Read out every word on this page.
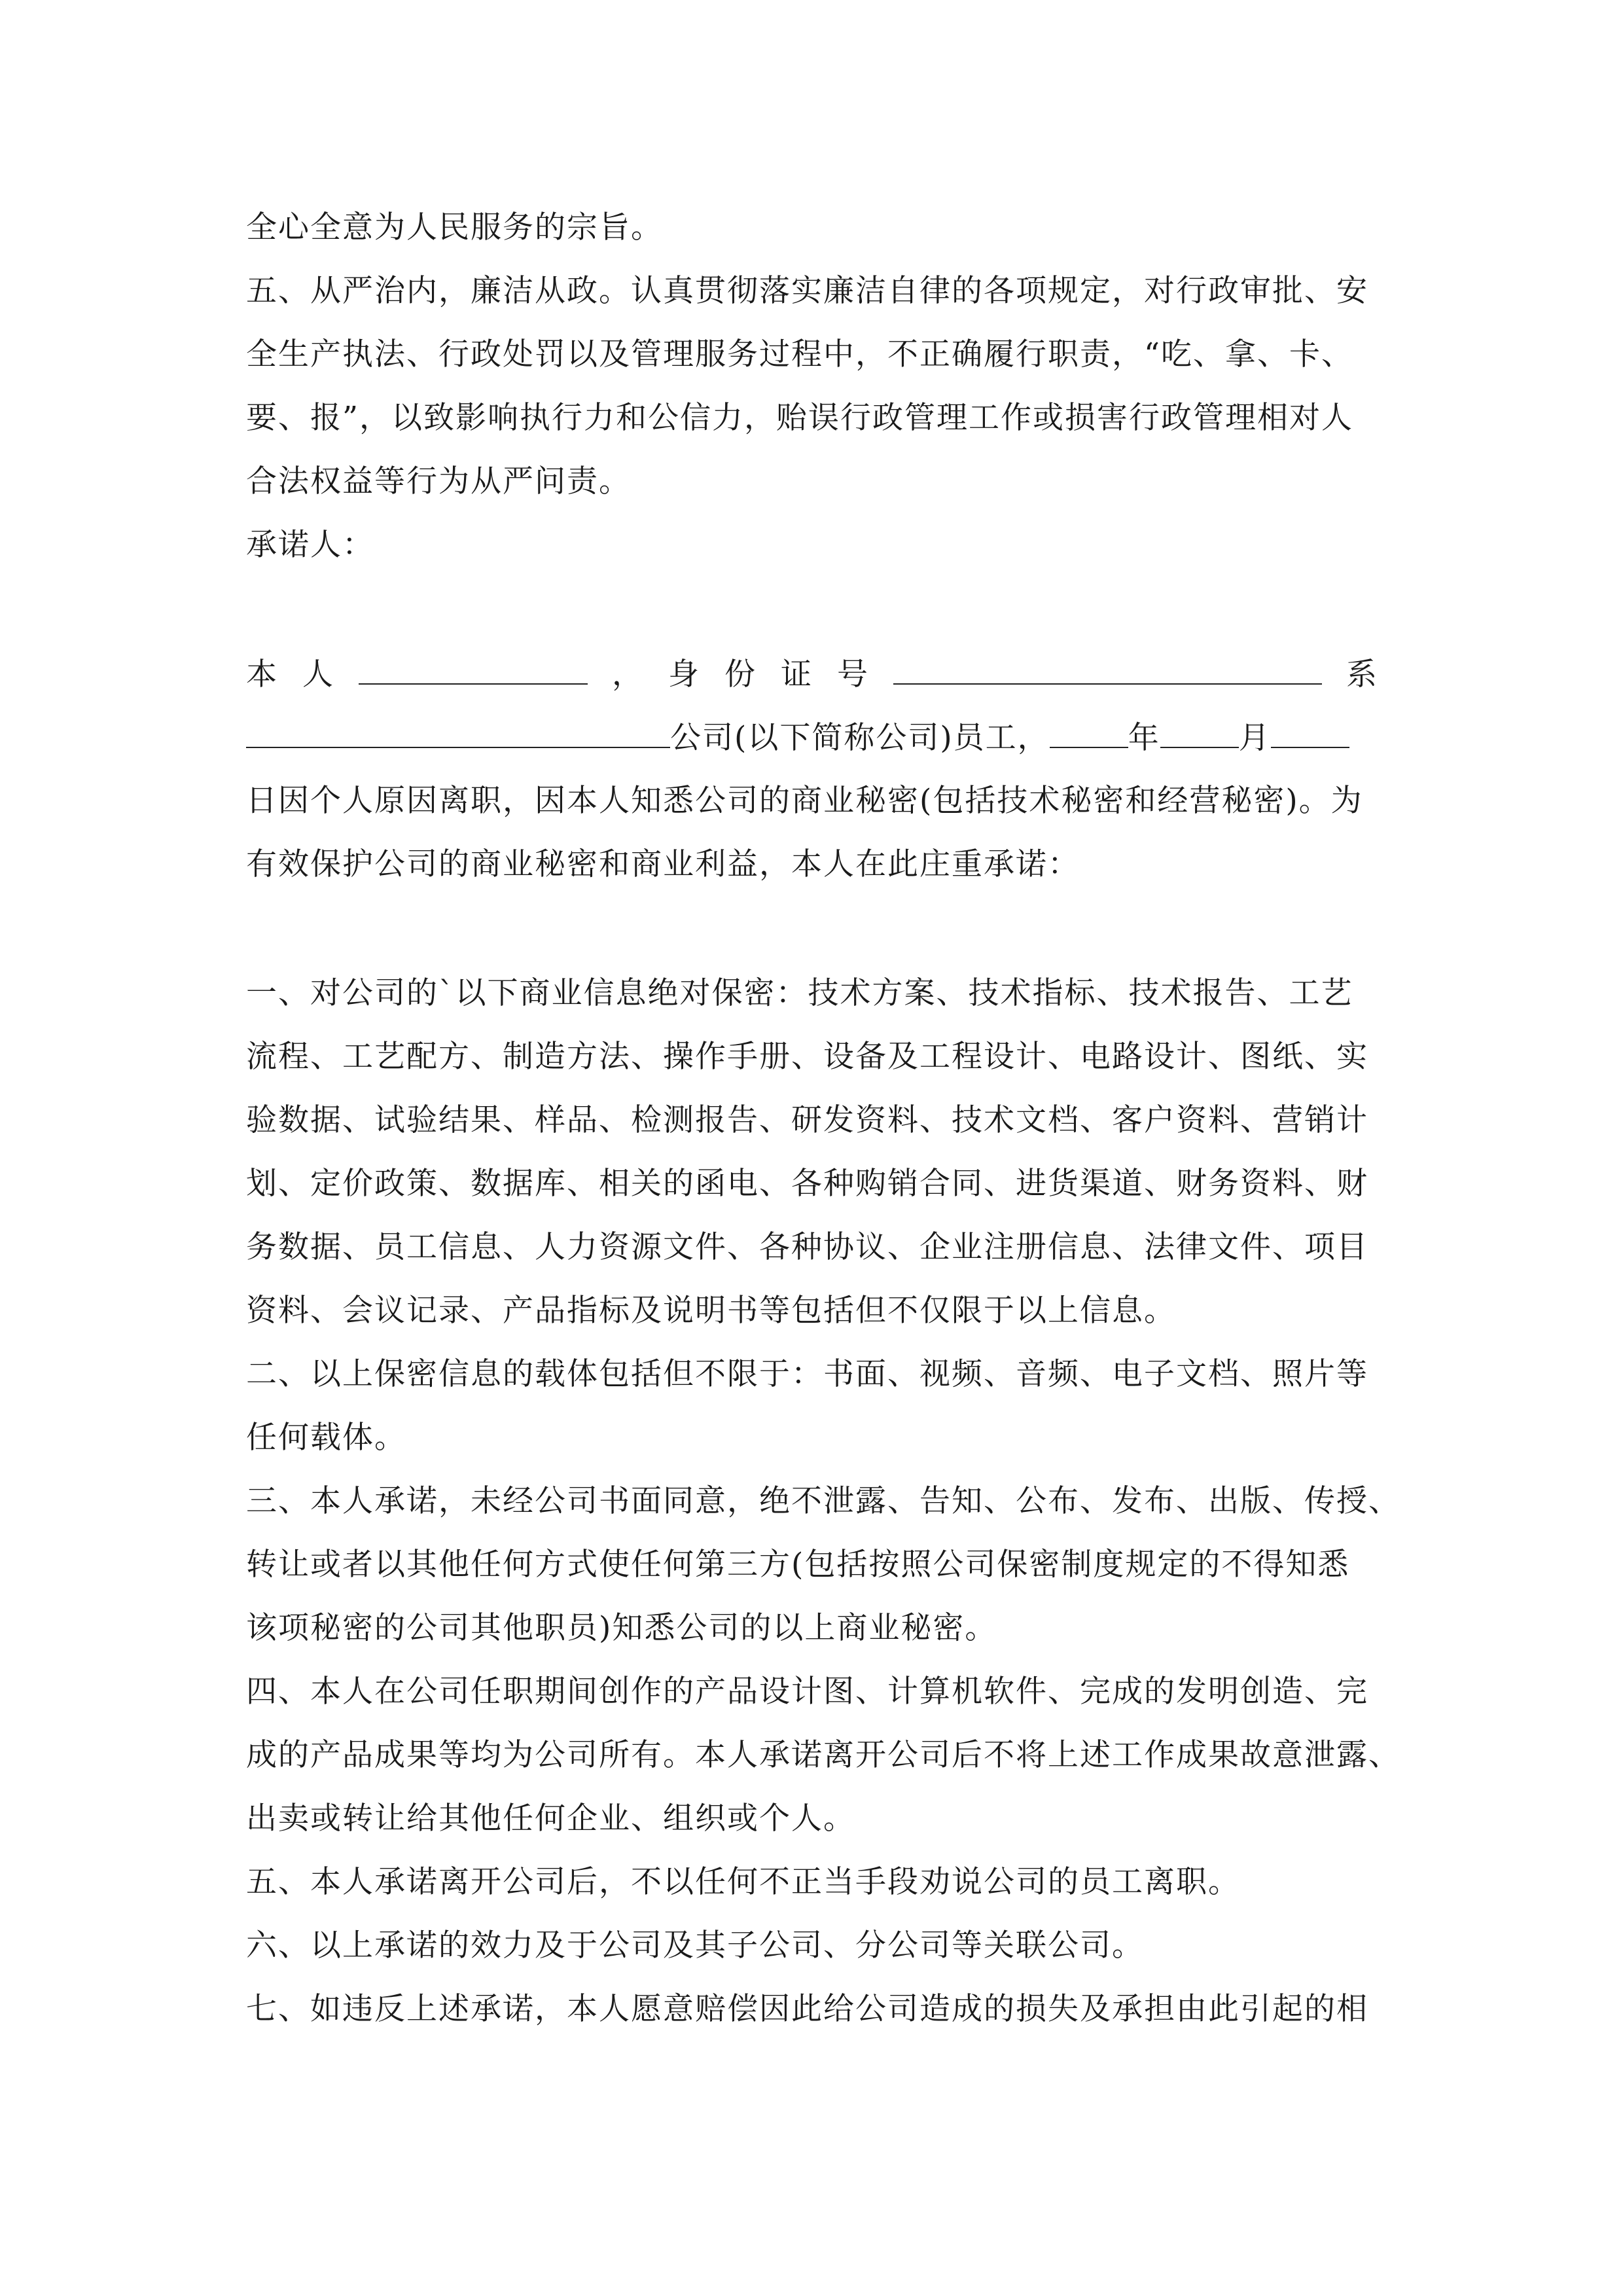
全心全意为人民服务的宗旨。
五、从严治内，廉洁从政。认真贯彻落实廉洁自律的各项规定，对行政审批、安
全生产执法、行政处罚以及管理服务过程中，不正确履行职责，“吃、拿、卡、
要、报”，以致影响执行力和公信力，贻误行政管理工作或损害行政管理相对人
合法权益等行为从严问责。
承诺人：
本 人	， 身 份 证 号	系
公司(以下简称公司)员工，	年	月
日因个人原因离职，因本人知悉公司的商业秘密(包括技术秘密和经营秘密)。为
有效保护公司的商业秘密和商业利益，本人在此庄重承诺：
一、对公司的`以下商业信息绝对保密：技术方案、技术指标、技术报告、工艺
流程、工艺配方、制造方法、操作手册、设备及工程设计、电路设计、图纸、实
验数据、试验结果、样品、检测报告、研发资料、技术文档、客户资料、营销计
划、定价政策、数据库、相关的函电、各种购销合同、进货渠道、财务资料、财
务数据、员工信息、人力资源文件、各种协议、企业注册信息、法律文件、项目
资料、会议记录、产品指标及说明书等包括但不仅限于以上信息。
二、以上保密信息的载体包括但不限于：书面、视频、音频、电子文档、照片等
任何载体。
三、本人承诺，未经公司书面同意，绝不泄露、告知、公布、发布、出版、传授、
转让或者以其他任何方式使任何第三方(包括按照公司保密制度规定的不得知悉
该项秘密的公司其他职员)知悉公司的以上商业秘密。
四、本人在公司任职期间创作的产品设计图、计算机软件、完成的发明创造、完
成的产品成果等均为公司所有。本人承诺离开公司后不将上述工作成果故意泄露、
出卖或转让给其他任何企业、组织或个人。
五、本人承诺离开公司后，不以任何不正当手段劝说公司的员工离职。
六、以上承诺的效力及于公司及其子公司、分公司等关联公司。
七、如违反上述承诺，本人愿意赔偿因此给公司造成的损失及承担由此引起的相
